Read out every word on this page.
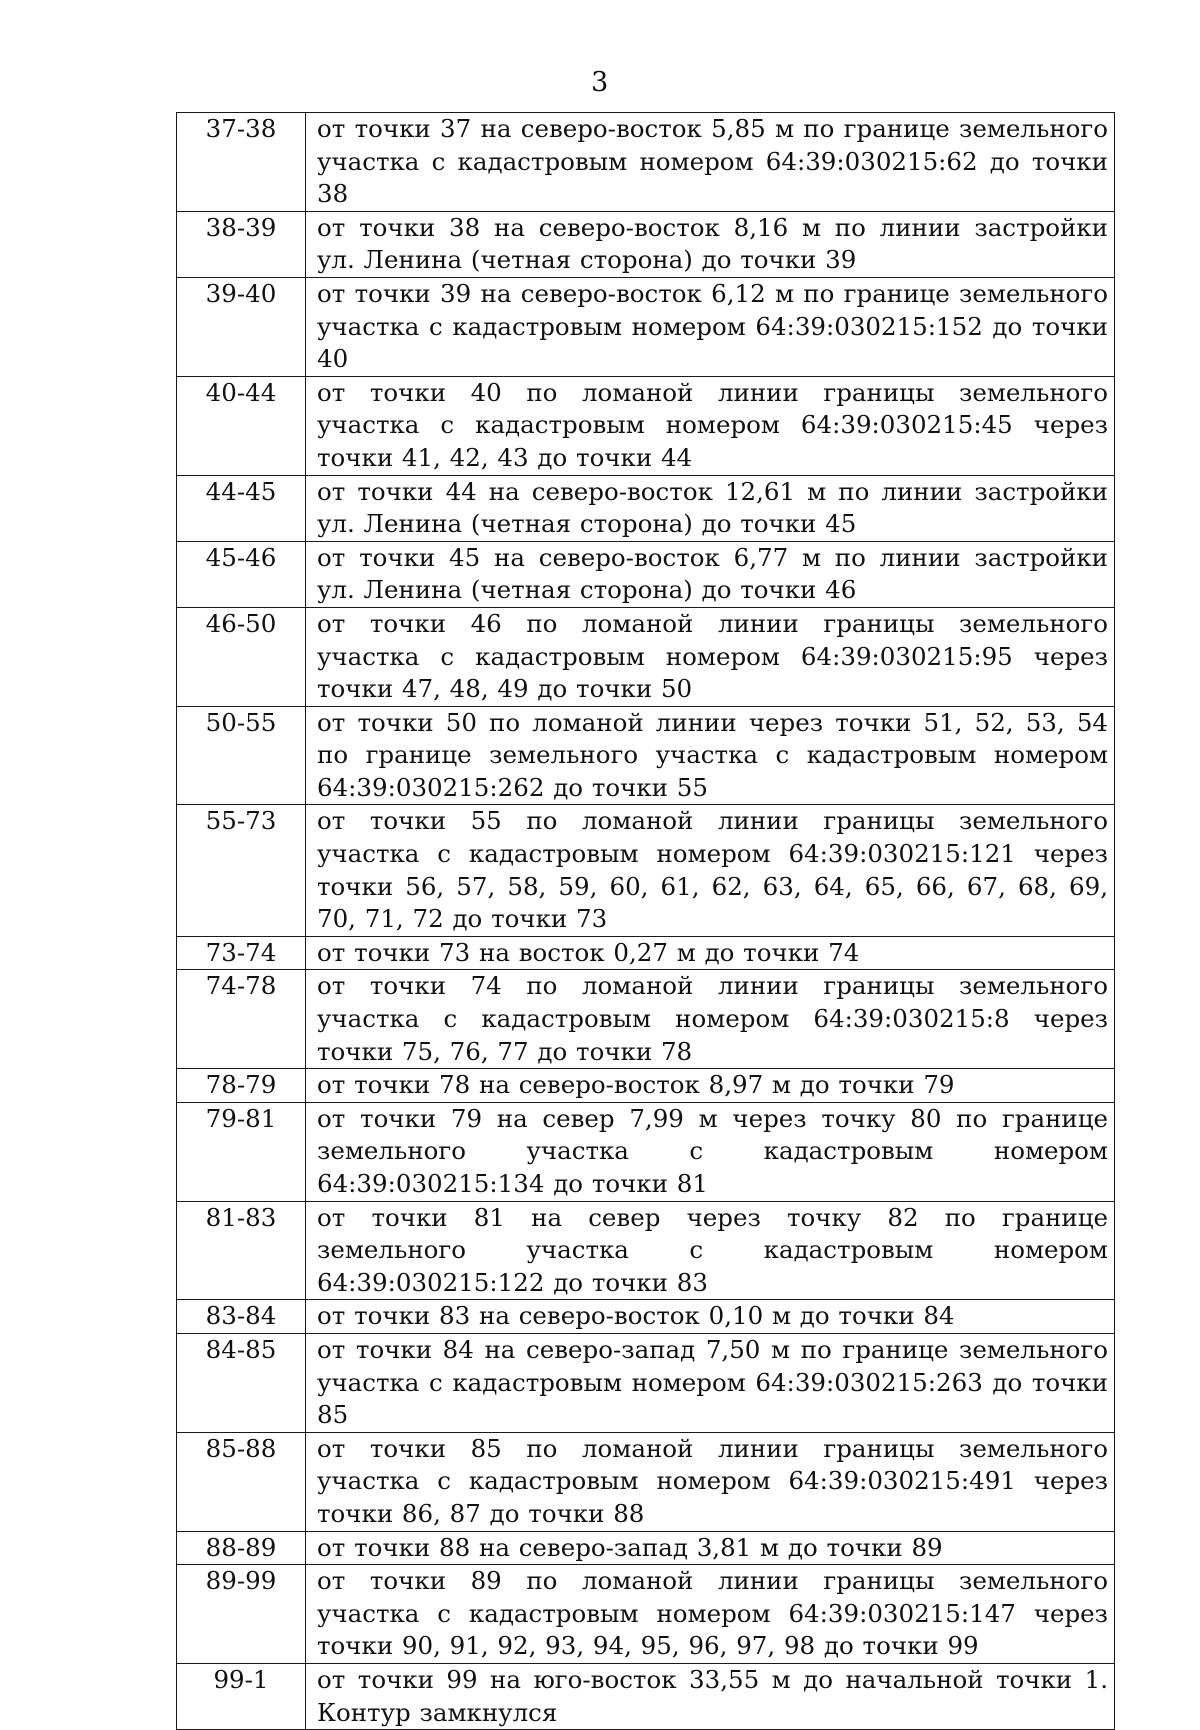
3
37-38	от точки 37 на северо-восток 5,85 м по границе земельного участка с кадастровым номером 64:39:030215:62 до точки 38
38-39	от точки 38 на северо-восток 8,16 м по линии застройки ул. Ленина (четная сторона) до точки 39
39-40	от точки 39 на северо-восток 6,12 м по границе земельного участка с кадастровым номером 64:39:030215:152 до точки 40
40-44	от точки 40 по ломаной линии границы земельного участка с кадастровым номером 64:39:030215:45 через точки 41, 42, 43 до точки 44
44-45	от точки 44 на северо-восток 12,61 м по линии застройки ул. Ленина (четная сторона) до точки 45
45-46	от точки 45 на северо-восток 6,77 м по линии застройки ул. Ленина (четная сторона) до точки 46
46-50	от точки 46 по ломаной линии границы земельного участка с кадастровым номером 64:39:030215:95 через точки 47, 48, 49 до точки 50
50-55	от точки 50 по ломаной линии через точки 51, 52, 53, 54 по границе земельного участка с кадастровым номером 64:39:030215:262 до точки 55
55-73	от точки 55 по ломаной линии границы земельного участка с кадастровым номером 64:39:030215:121 через точки 56, 57, 58, 59, 60, 61, 62, 63, 64, 65, 66, 67, 68, 69, 70, 71, 72 до точки 73
73-74	от точки 73 на восток 0,27 м до точки 74
74-78	от точки 74 по ломаной линии границы земельного участка с кадастровым номером 64:39:030215:8 через точки 75, 76, 77 до точки 78
78-79	от точки 78 на северо-восток 8,97 м до точки 79
79-81	от точки 79 на север 7,99 м через точку 80 по границе земельного участка с кадастровым номером 64:39:030215:134 до точки 81
81-83	от точки 81 на север через точку 82 по границе земельного участка с кадастровым номером 64:39:030215:122 до точки 83
83-84	от точки 83 на северо-восток 0,10 м до точки 84
84-85	от точки 84 на северо-запад 7,50 м по границе земельного участка с кадастровым номером 64:39:030215:263 до точки 85
85-88	от точки 85 по ломаной линии границы земельного участка с кадастровым номером 64:39:030215:491 через точки 86, 87 до точки 88
88-89	от точки 88 на северо-запад 3,81 м до точки 89
89-99	от точки 89 по ломаной линии границы земельного участка с кадастровым номером 64:39:030215:147 через точки 90, 91, 92, 93, 94, 95, 96, 97, 98 до точки 99
99-1	от точки 99 на юго-восток 33,55 м до начальной точки 1. Контур замкнулся
